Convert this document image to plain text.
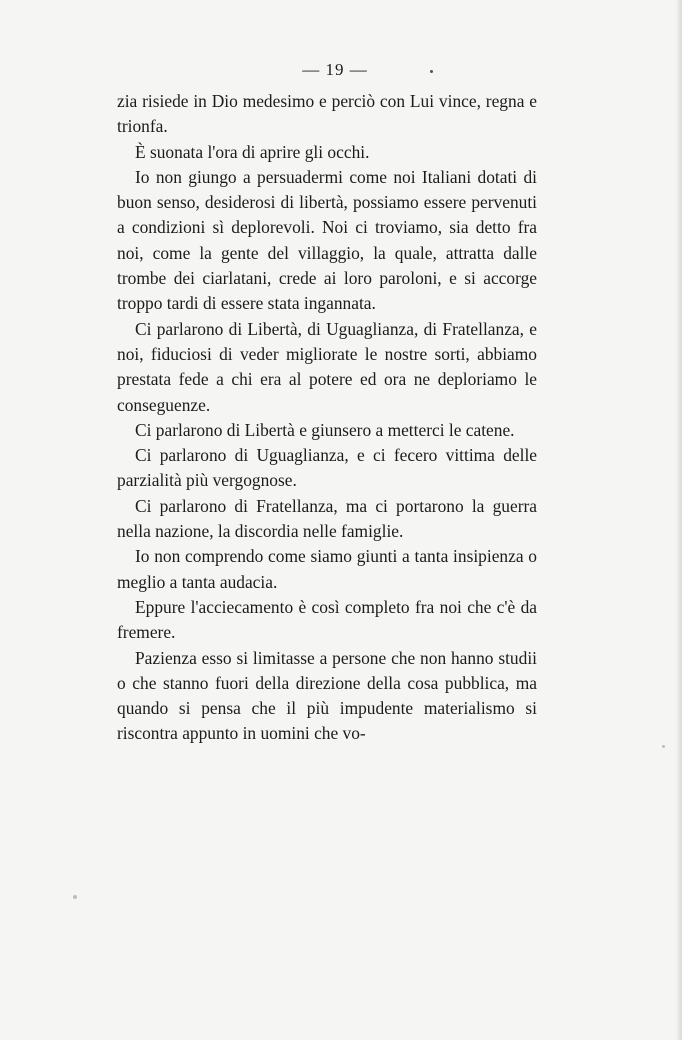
— 19 —

zia risiede in Dio medesimo e perciò con Lui vince, regna e trionfa.

È suonata l'ora di aprire gli occhi.

Io non giungo a persuadermi come noi Italiani dotati di buon senso, desiderosi di libertà, possiamo essere pervenuti a condizioni sì deplorevoli. Noi ci troviamo, sia detto fra noi, come la gente del villaggio, la quale, attratta dalle trombe dei ciarlatani, crede ai loro paroloni, e si accorge troppo tardi di essere stata ingannata.

Ci parlarono di Libertà, di Uguaglianza, di Fratellanza, e noi, fiduciosi di veder migliorate le nostre sorti, abbiamo prestata fede a chi era al potere ed ora ne deploriamo le conseguenze.

Ci parlarono di Libertà e giunsero a metterci le catene.

Ci parlarono di Uguaglianza, e ci fecero vittima delle parzialità più vergognose.

Ci parlarono di Fratellanza, ma ci portarono la guerra nella nazione, la discordia nelle famiglie.

Io non comprendo come siamo giunti a tanta insipienza o meglio a tanta audacia.

Eppure l'acciecamento è così completo fra noi che c'è da fremere.

Pazienza esso si limitasse a persone che non hanno studii o che stanno fuori della direzione della cosa pubblica, ma quando si pensa che il più impudente materialismo si riscontra appunto in uomini che vo-
